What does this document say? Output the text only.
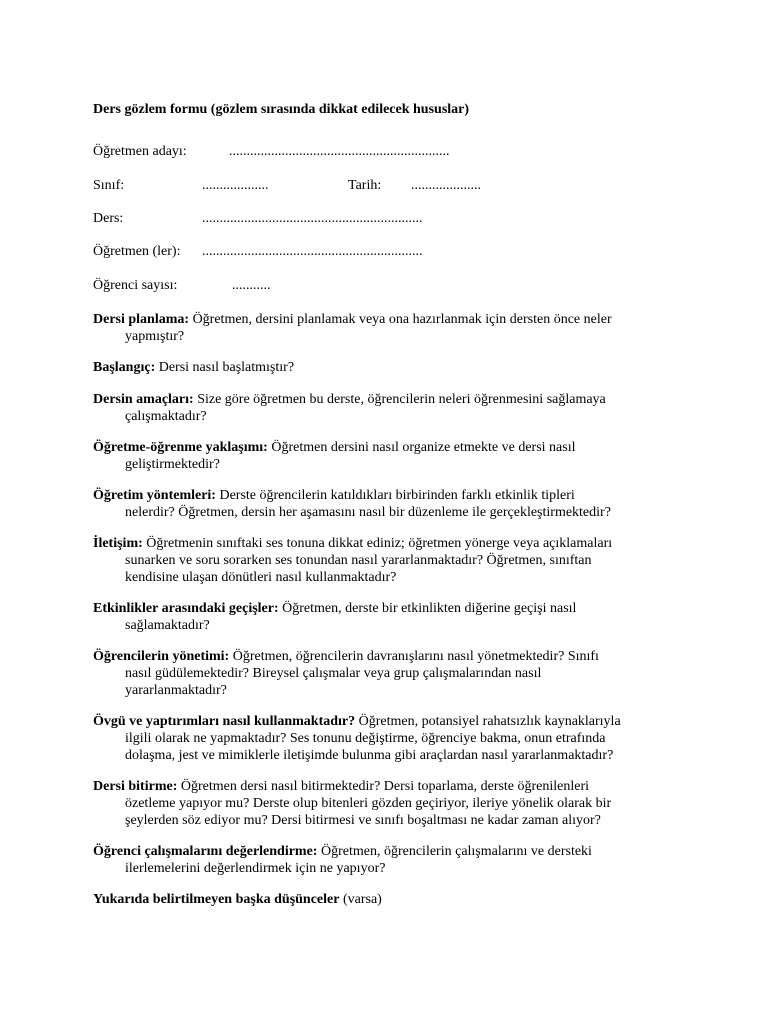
Ders gözlem formu (gözlem sırasında dikkat edilecek hususlar)
Öğretmen adayı:	...............................................................
Sınıf:	...................	Tarih: ....................
Ders:	...............................................................
Öğretmen (ler): ...............................................................
Öğrenci sayısı:	...........
Dersi planlama: Öğretmen, dersini planlamak veya ona hazırlanmak için dersten önce neler
yapmıştır?
Başlangıç: Dersi nasıl başlatmıştır?
Dersin amaçları: Size göre öğretmen bu derste, öğrencilerin neleri öğrenmesini sağlamaya
çalışmaktadır?
Öğretme-öğrenme yaklaşımı: Öğretmen dersini nasıl organize etmekte ve dersi nasıl
geliştirmektedir?
Öğretim yöntemleri: Derste öğrencilerin katıldıkları birbirinden farklı etkinlik tipleri
nelerdir? Öğretmen, dersin her aşamasını nasıl bir düzenleme ile gerçekleştirmektedir?
İletişim: Öğretmenin sınıftaki ses tonuna dikkat ediniz; öğretmen yönerge veya açıklamaları
sunarken ve soru sorarken ses tonundan nasıl yararlanmaktadır? Öğretmen, sınıftan
kendisine ulaşan dönütleri nasıl kullanmaktadır?
Etkinlikler arasındaki geçişler: Öğretmen, derste bir etkinlikten diğerine geçişi nasıl
sağlamaktadır?
Öğrencilerin yönetimi: Öğretmen, öğrencilerin davranışlarını nasıl yönetmektedir? Sınıfı
nasıl güdülemektedir? Bireysel çalışmalar veya grup çalışmalarından nasıl
yararlanmaktadır?
Övgü ve yaptırımları nasıl kullanmaktadır? Öğretmen, potansiyel rahatsızlık kaynaklarıyla
ilgili olarak ne yapmaktadır? Ses tonunu değiştirme, öğrenciye bakma, onun etrafında
dolaşma, jest ve mimiklerle iletişimde bulunma gibi araçlardan nasıl yararlanmaktadır?
Dersi bitirme: Öğretmen dersi nasıl bitirmektedir? Dersi toparlama, derste öğrenilenleri
özetleme yapıyor mu? Derste olup bitenleri gözden geçiriyor, ileriye yönelik olarak bir
şeylerden söz ediyor mu? Dersi bitirmesi ve sınıfı boşaltması ne kadar zaman alıyor?
Öğrenci çalışmalarını değerlendirme: Öğretmen, öğrencilerin çalışmalarını ve dersteki
ilerlemelerini değerlendirmek için ne yapıyor?
Yukarıda belirtilmeyen başka düşünceler (varsa)
